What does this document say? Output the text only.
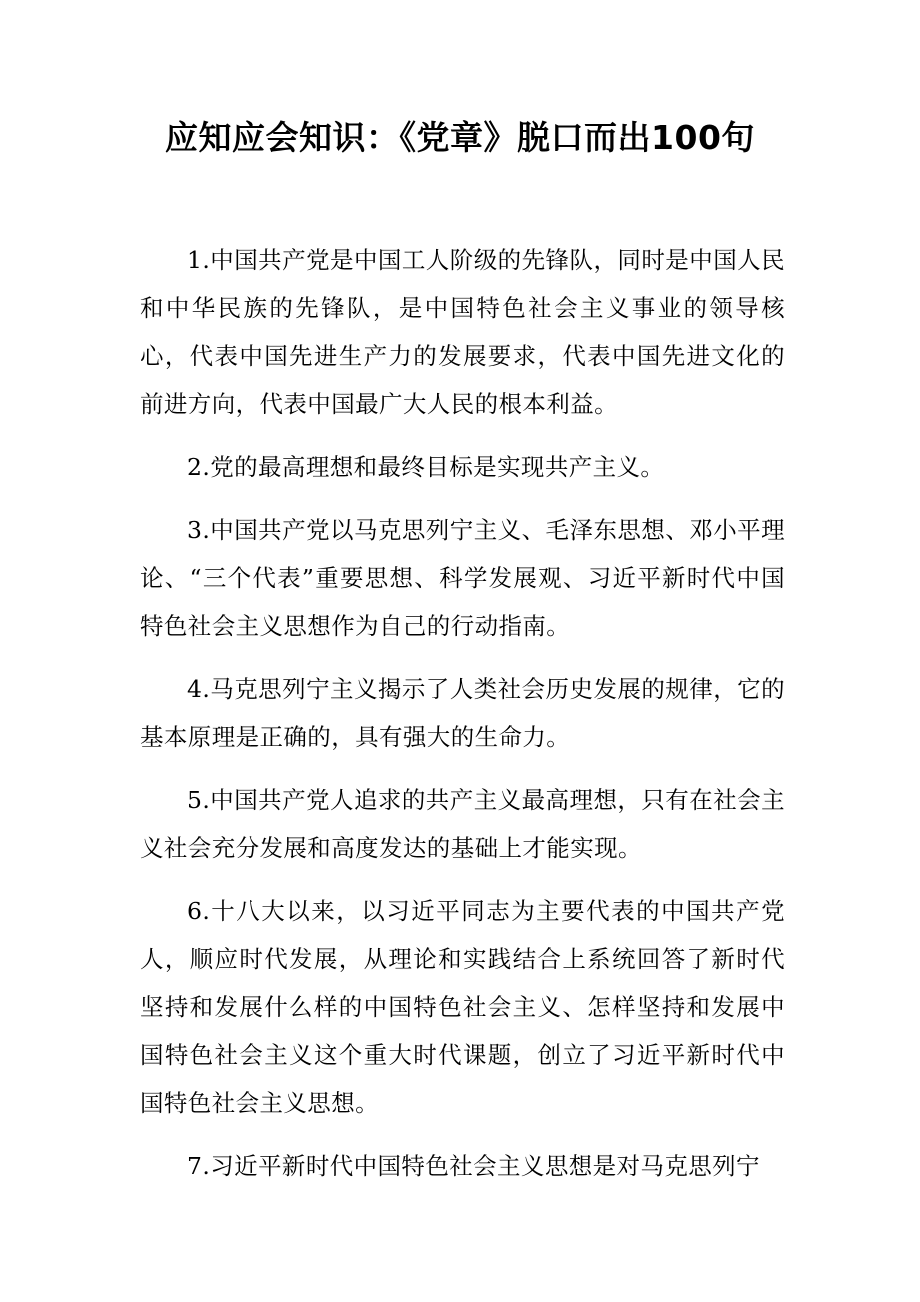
应知应会知识：《党章》脱口而出100句

1.中国共产党是中国工人阶级的先锋队，同时是中国人民和中华民族的先锋队，是中国特色社会主义事业的领导核心，代表中国先进生产力的发展要求，代表中国先进文化的前进方向，代表中国最广大人民的根本利益。

2.党的最高理想和最终目标是实现共产主义。

3.中国共产党以马克思列宁主义、毛泽东思想、邓小平理论、“三个代表”重要思想、科学发展观、习近平新时代中国特色社会主义思想作为自己的行动指南。

4.马克思列宁主义揭示了人类社会历史发展的规律，它的基本原理是正确的，具有强大的生命力。

5.中国共产党人追求的共产主义最高理想，只有在社会主义社会充分发展和高度发达的基础上才能实现。

6.十八大以来，以习近平同志为主要代表的中国共产党人，顺应时代发展，从理论和实践结合上系统回答了新时代坚持和发展什么样的中国特色社会主义、怎样坚持和发展中国特色社会主义这个重大时代课题，创立了习近平新时代中国特色社会主义思想。

7.习近平新时代中国特色社会主义思想是对马克思列宁
